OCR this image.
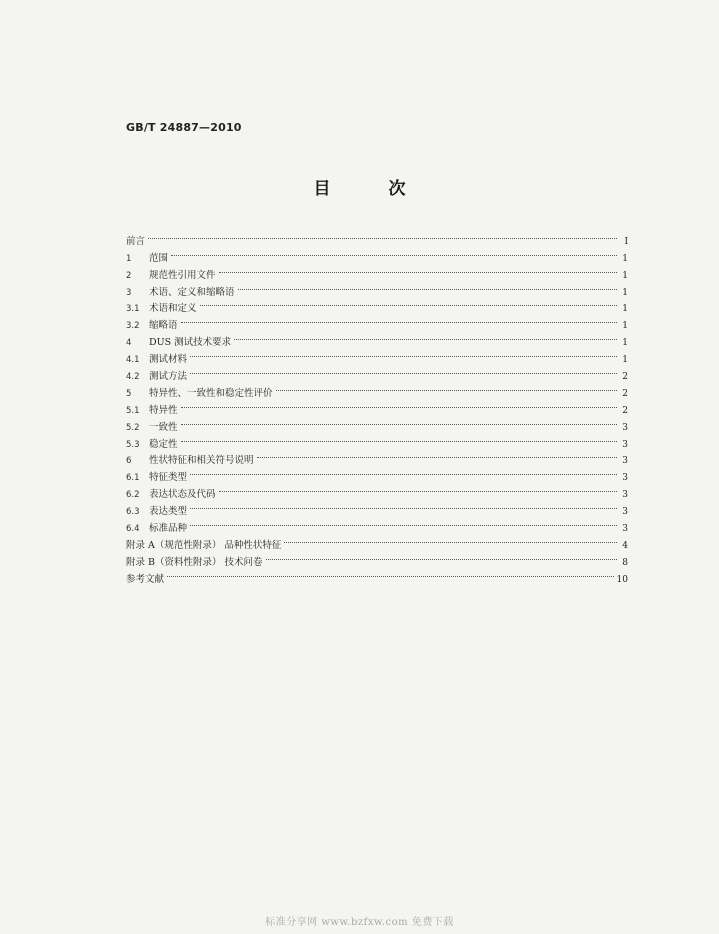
GB/T 24887—2010
目 次
前言	Ⅰ
1	范围	1
2	规范性引用文件	1
3	术语、定义和缩略语	1
3.1 术语和定义	1
3.2 缩略语	1
4	DUS 测试技术要求	1
4.1 测试材料	1
4.2 测试方法	2
5	特异性、一致性和稳定性评价	2
5.1 特异性	2
5.2 一致性	3
5.3 稳定性	3
6	性状特征和相关符号说明	3
6.1 特征类型	3
6.2 表达状态及代码	3
6.3 表达类型	3
6.4 标准品种	3
附录 A（规范性附录） 品种性状特征	4
附录 B（资料性附录） 技术问卷	8
参考文献	10
标准分享网 www.bzfxw.com 免费下载
